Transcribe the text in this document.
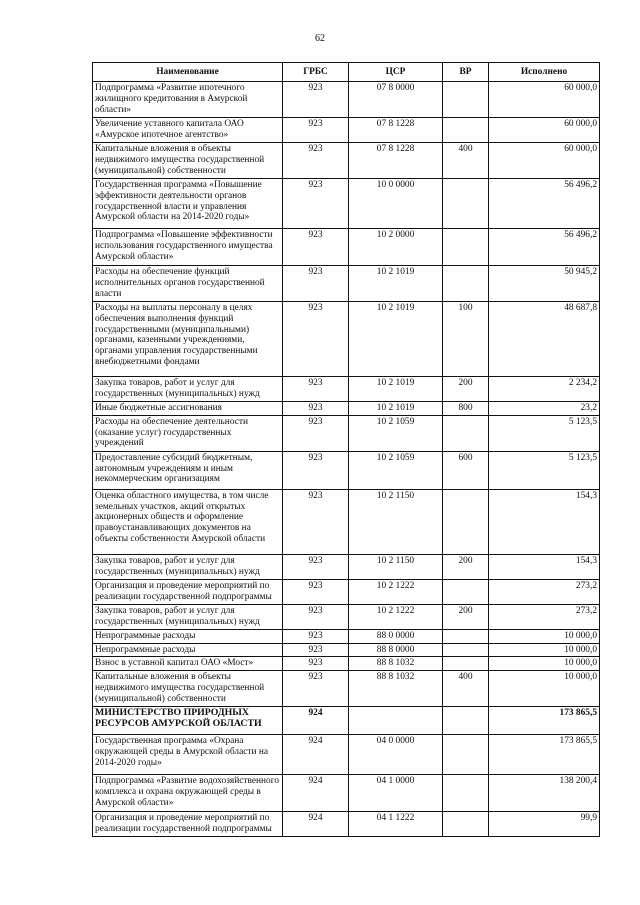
62
Наименование	ГРБС	ЦСР	ВР	Исполнено
Подпрограмма «Развитие ипотечного жилищного кредитования в Амурской области»	923	07 8 0000		60 000,0
Увеличение уставного капитала ОАО «Амурское ипотечное агентство»	923	07 8 1228		60 000,0
Капитальные вложения в объекты недвижимого имущества государственной (муниципальной) собственности	923	07 8 1228	400	60 000,0
Государственная программа «Повышение эффективности деятельности органов государственной власти и управления Амурской области на 2014-2020 годы»	923	10 0 0000		56 496,2
Подпрограмма «Повышение эффективности использования государственного имущества Амурской области»	923	10 2 0000		56 496,2
Расходы на обеспечение функций исполнительных органов государственной власти	923	10 2 1019		50 945,2
Расходы на выплаты персоналу в целях обеспечения выполнения функций государственными (муниципальными) органами, казенными учреждениями, органами управления государственными внебюджетными фондами	923	10 2 1019	100	48 687,8
Закупка товаров, работ и услуг для государственных (муниципальных) нужд	923	10 2 1019	200	2 234,2
Иные бюджетные ассигнования	923	10 2 1019	800	23,2
Расходы на обеспечение деятельности (оказание услуг) государственных учреждений	923	10 2 1059		5 123,5
Предоставление субсидий бюджетным, автономным учреждениям и иным некоммерческим организациям	923	10 2 1059	600	5 123,5
Оценка областного имущества, в том числе земельных участков, акций открытых акционерных обществ и оформление правоустанавливающих документов на объекты собственности Амурской области	923	10 2 1150		154,3
Закупка товаров, работ и услуг для государственных (муниципальных) нужд	923	10 2 1150	200	154,3
Организация и проведение мероприятий по реализации государственной подпрограммы	923	10 2 1222		273,2
Закупка товаров, работ и услуг для государственных (муниципальных) нужд	923	10 2 1222	200	273,2
Непрограммные расходы	923	88 0 0000		10 000,0
Непрограммные расходы	923	88 8 0000		10 000,0
Взнос в уставной капитал ОАО «Мост»	923	88 8 1032		10 000,0
Капитальные вложения в объекты недвижимого имущества государственной (муниципальной) собственности	923	88 8 1032	400	10 000,0
МИНИСТЕРСТВО ПРИРОДНЫХ РЕСУРСОВ АМУРСКОЙ ОБЛАСТИ	924			173 865,5
Государственная программа «Охрана окружающей среды в Амурской области на 2014-2020 годы»	924	04 0 0000		173 865,5
Подпрограмма «Развитие водохозяйственного комплекса и охрана окружающей среды в Амурской области»	924	04 1 0000		138 200,4
Организация и проведение мероприятий по реализации государственной подпрограммы	924	04 1 1222		99,9
